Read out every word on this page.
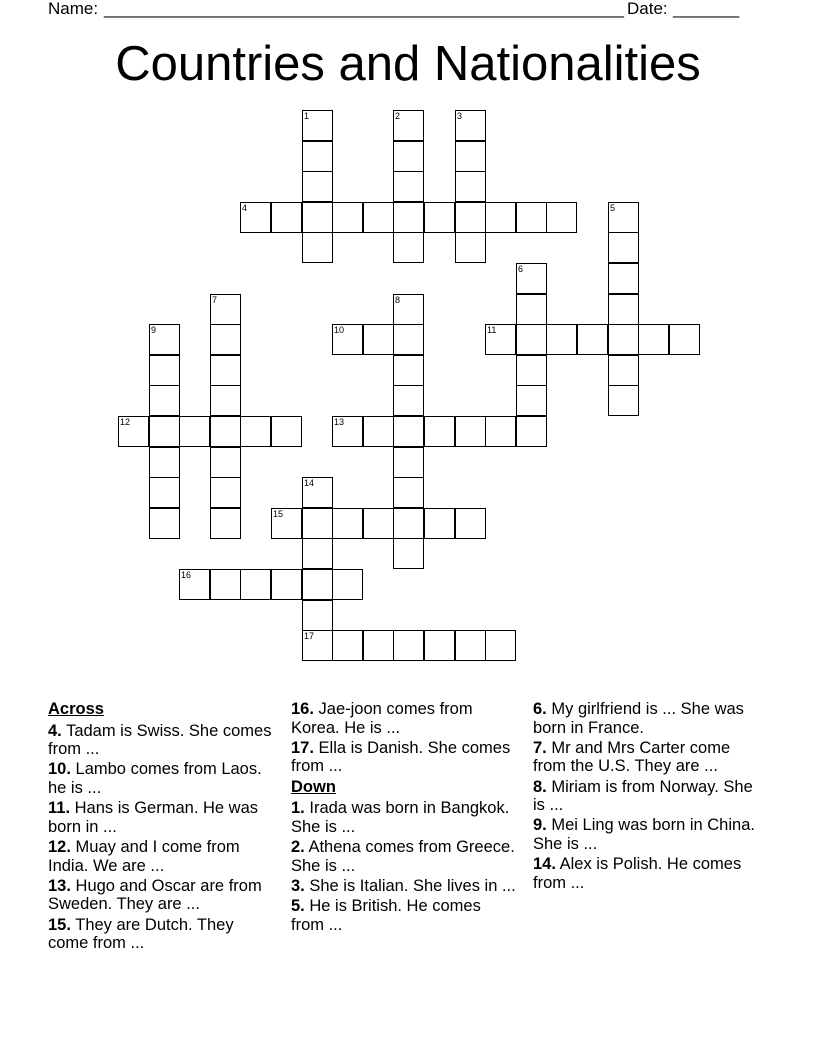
Name: _______________________________________________________ Date: _______
Countries and Nationalities
1	2	3
4	5
6
7	8
9	10	11
12	13
14
17
15
16
Across
4. Tadam is Swiss. She comes from ...
10. Lambo comes from Laos. he is ...
11. Hans is German. He was born in ...
12. Muay and I come from India. We are ...
13. Hugo and Oscar are from Sweden. They are ...
15. They are Dutch. They come from ...
16. Jae-joon comes from Korea. He is ...
17. Ella is Danish. She comes from ...
Down
1. Irada was born in Bangkok. She is ...
2. Athena comes from Greece. She is ...
3. She is Italian. She lives in ...
5. He is British. He comes from ...
6. My girlfriend is ... She was born in France.
7. Mr and Mrs Carter come from the U.S. They are ...
8. Miriam is from Norway. She is ...
9. Mei Ling was born in China. She is ...
14. Alex is Polish. He comes from ...
